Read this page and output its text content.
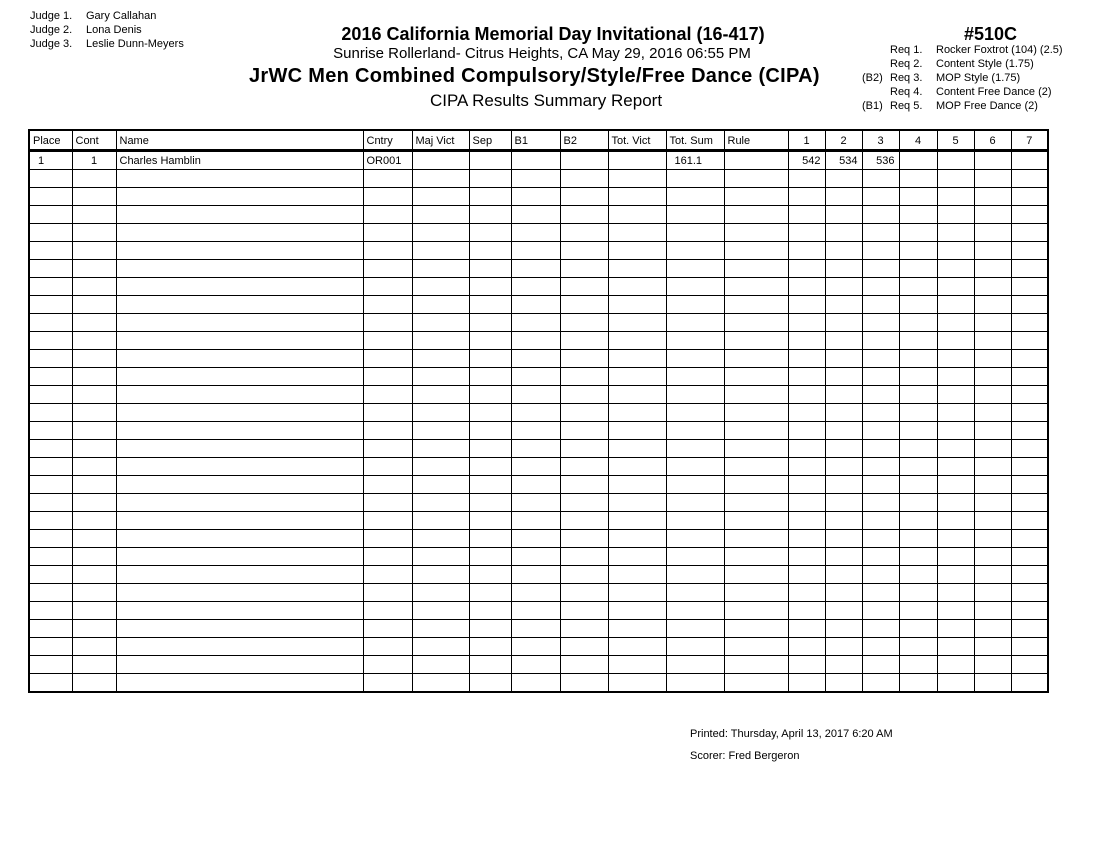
Judge 1. Gary Callahan
Judge 2. Lona Denis
Judge 3. Leslie Dunn-Meyers	2016 California Memorial Day Invitational (16-417)
Sunrise Rollerland- Citrus Heights, CA May 29, 2016 06:55 PM
JrWC Men Combined Compulsory/Style/Free Dance (CIPA)
CIPA Results Summary Report
#510C
Req 1. Rocker Foxtrot (104) (2.5)
Req 2. Content Style (1.75)
(B2) Req 3. MOP Style (1.75)
Req 4. Content Free Dance (2)
(B1) Req 5. MOP Free Dance (2)
Place	Cont	Name	Cntry	Maj Vict	Sep	B1	B2	Tot. Vict	Tot. Sum	Rule	1	2	3	4	5	6	7
1	1	Charles Hamblin	OR001						161.1		542	534	536				

Printed: Thursday, April 13, 2017 6:20 AM
Scorer: Fred Bergeron
